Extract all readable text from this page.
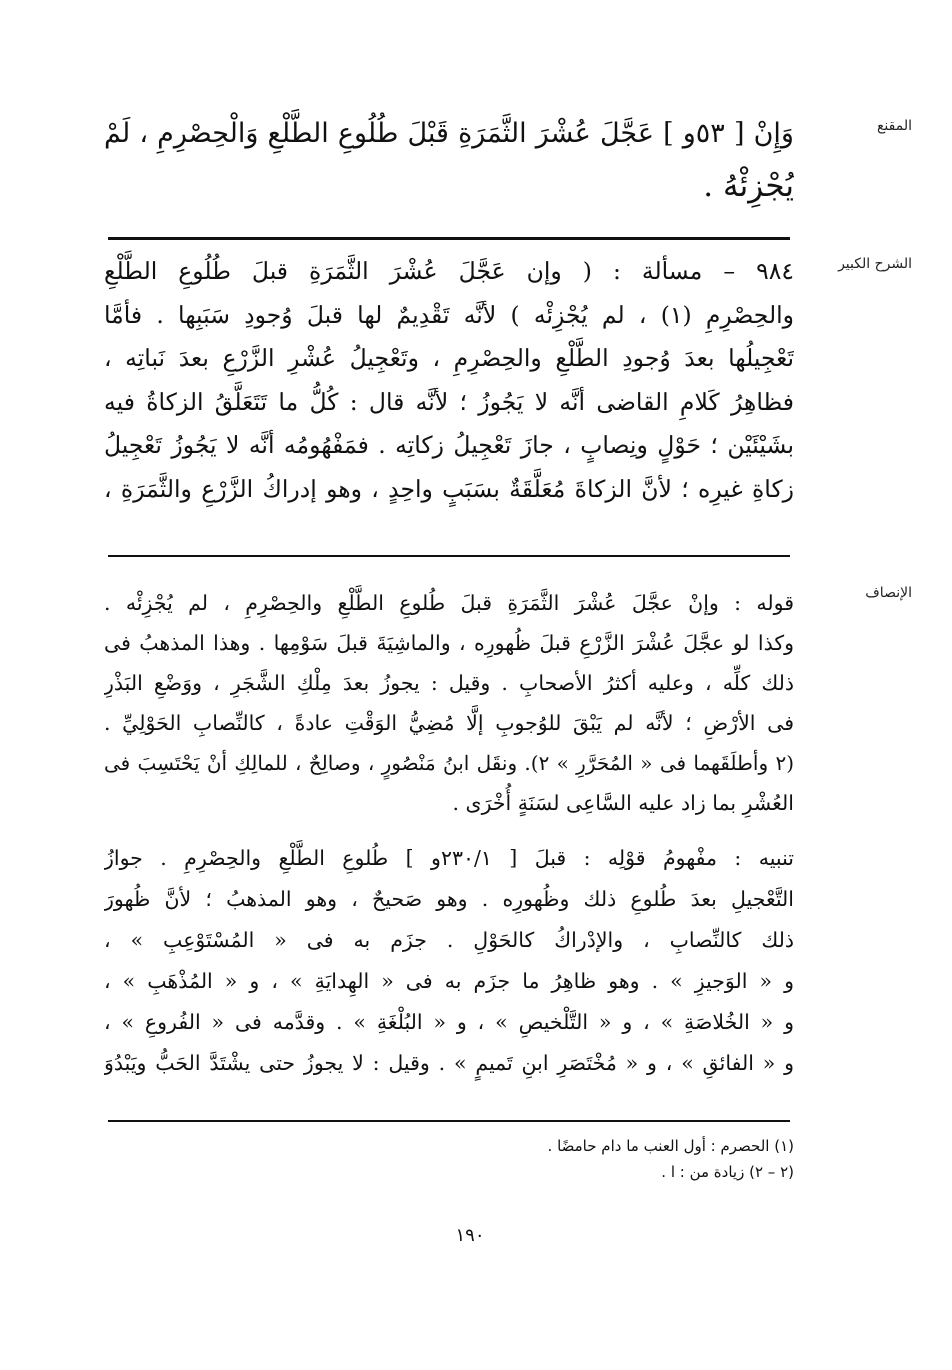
المقنع
وَإِنْ [ ٥٣و ] عَجَّلَ عُشْرَ الثَّمَرَةِ قَبْلَ طُلُوعِ الطَّلْعِ وَالْحِصْرِمِ ، لَمْ
يُجْزِئْهُ .
الشرح الكبير
٩٨٤ – مسألة : ( وإن عَجَّلَ عُشْرَ الثَّمَرَةِ قبلَ طُلُوعِ الطَّلْعِ
والحِصْرِمِ (١) ، لم يُجْزِئْه ) لأنَّه تَقْدِيمٌ لها قبلَ وُجودِ سَبَبِها . فأمَّا
تَعْجِيلُها بعدَ وُجودِ الطَّلْعِ والحِصْرِمِ ، وتَعْجِيلُ عُشْرِ الزَّرْعِ بعدَ نَباتِه ،
فظاهِرُ كَلامِ القاضى أنَّه لا يَجُوزُ ؛ لأنَّه قال : كُلُّ ما تَتَعَلَّقُ الزكاةُ فيه
بشَيْئَيْن ؛ حَوْلٍ ونِصابٍ ، جازَ تَعْجِيلُ زكاتِه . فمَفْهُومُه أنَّه لا يَجُوزُ تَعْجِيلُ
زكاةِ غيرِه ؛ لأنَّ الزكاةَ مُعَلَّقَةٌ بسَبَبٍ واحِدٍ ، وهو إدراكُ الزَّرْعِ والثَّمَرَةِ ،
الإنصاف
قوله : وإنْ عجَّلَ عُشْرَ الثَّمَرَةِ قبلَ طُلوعِ الطَّلْعِ والحِصْرِمِ ، لم يُجْزِئْه .
وكذا لو عجَّلَ عُشْرَ الزَّرْعِ قبلَ ظُهورِه ، والماشِيَةَ قبلَ سَوْمِها . وهذا المذهبُ فى
ذلك كلِّه ، وعليه أكثرُ الأصحابِ . وقيل : يجوزُ بعدَ مِلْكِ الشَّجَرِ ، ووَضْعِ البَذْرِ
فى الأرْضِ ؛ لأنَّه لم يَبْقَ للوُجوبِ إلَّا مُضِيُّ الوَقْتِ عادةً ، كالنِّصابِ الحَوْلِيِّ .
(٢ وأطلَقَهما فى « المُحَرَّرِ » ٢). ونقَل ابنُ مَنْصُورٍ ، وصالِحٌ ، للمالِكِ أنْ يَحْتَسِبَ فى
العُشْرِ بما زاد عليه السَّاعِى لسَنَةٍ أُخْرَى .
تنبيه : مفْهومُ قوْلِه : قبلَ [ ٢٣٠/١و ] طُلوعِ الطَّلْعِ والحِصْرِمِ . جوازُ
التَّعْجيلِ بعدَ طُلوعِ ذلك وظُهورِه . وهو صَحيحٌ ، وهو المذهبُ ؛ لأنَّ ظُهورَ
ذلك كالنِّصابِ ، والإدْراكُ كالحَوْلِ . جزَم به فى « المُسْتَوْعِبِ » ،
و « الوَجيزِ » . وهو ظاهِرُ ما جزَم به فى « الهِدايَةِ » ، و « المُذْهَبِ » ،
و « الخُلاصَةِ » ، و « التَّلْخيصِ » ، و « البُلْغَةِ » . وقدَّمه فى « الفُروعِ » ،
و « الفائقِ » ، و « مُخْتَصَرِ ابنِ تَميمٍ » . وقيل : لا يجوزُ حتى يشْتَدَّ الحَبُّ ويَبْدُوَ
(١) الحصرم : أول العنب ما دام حامضًا .
(٢ – ٢) زيادة من : ا .
١٩٠
